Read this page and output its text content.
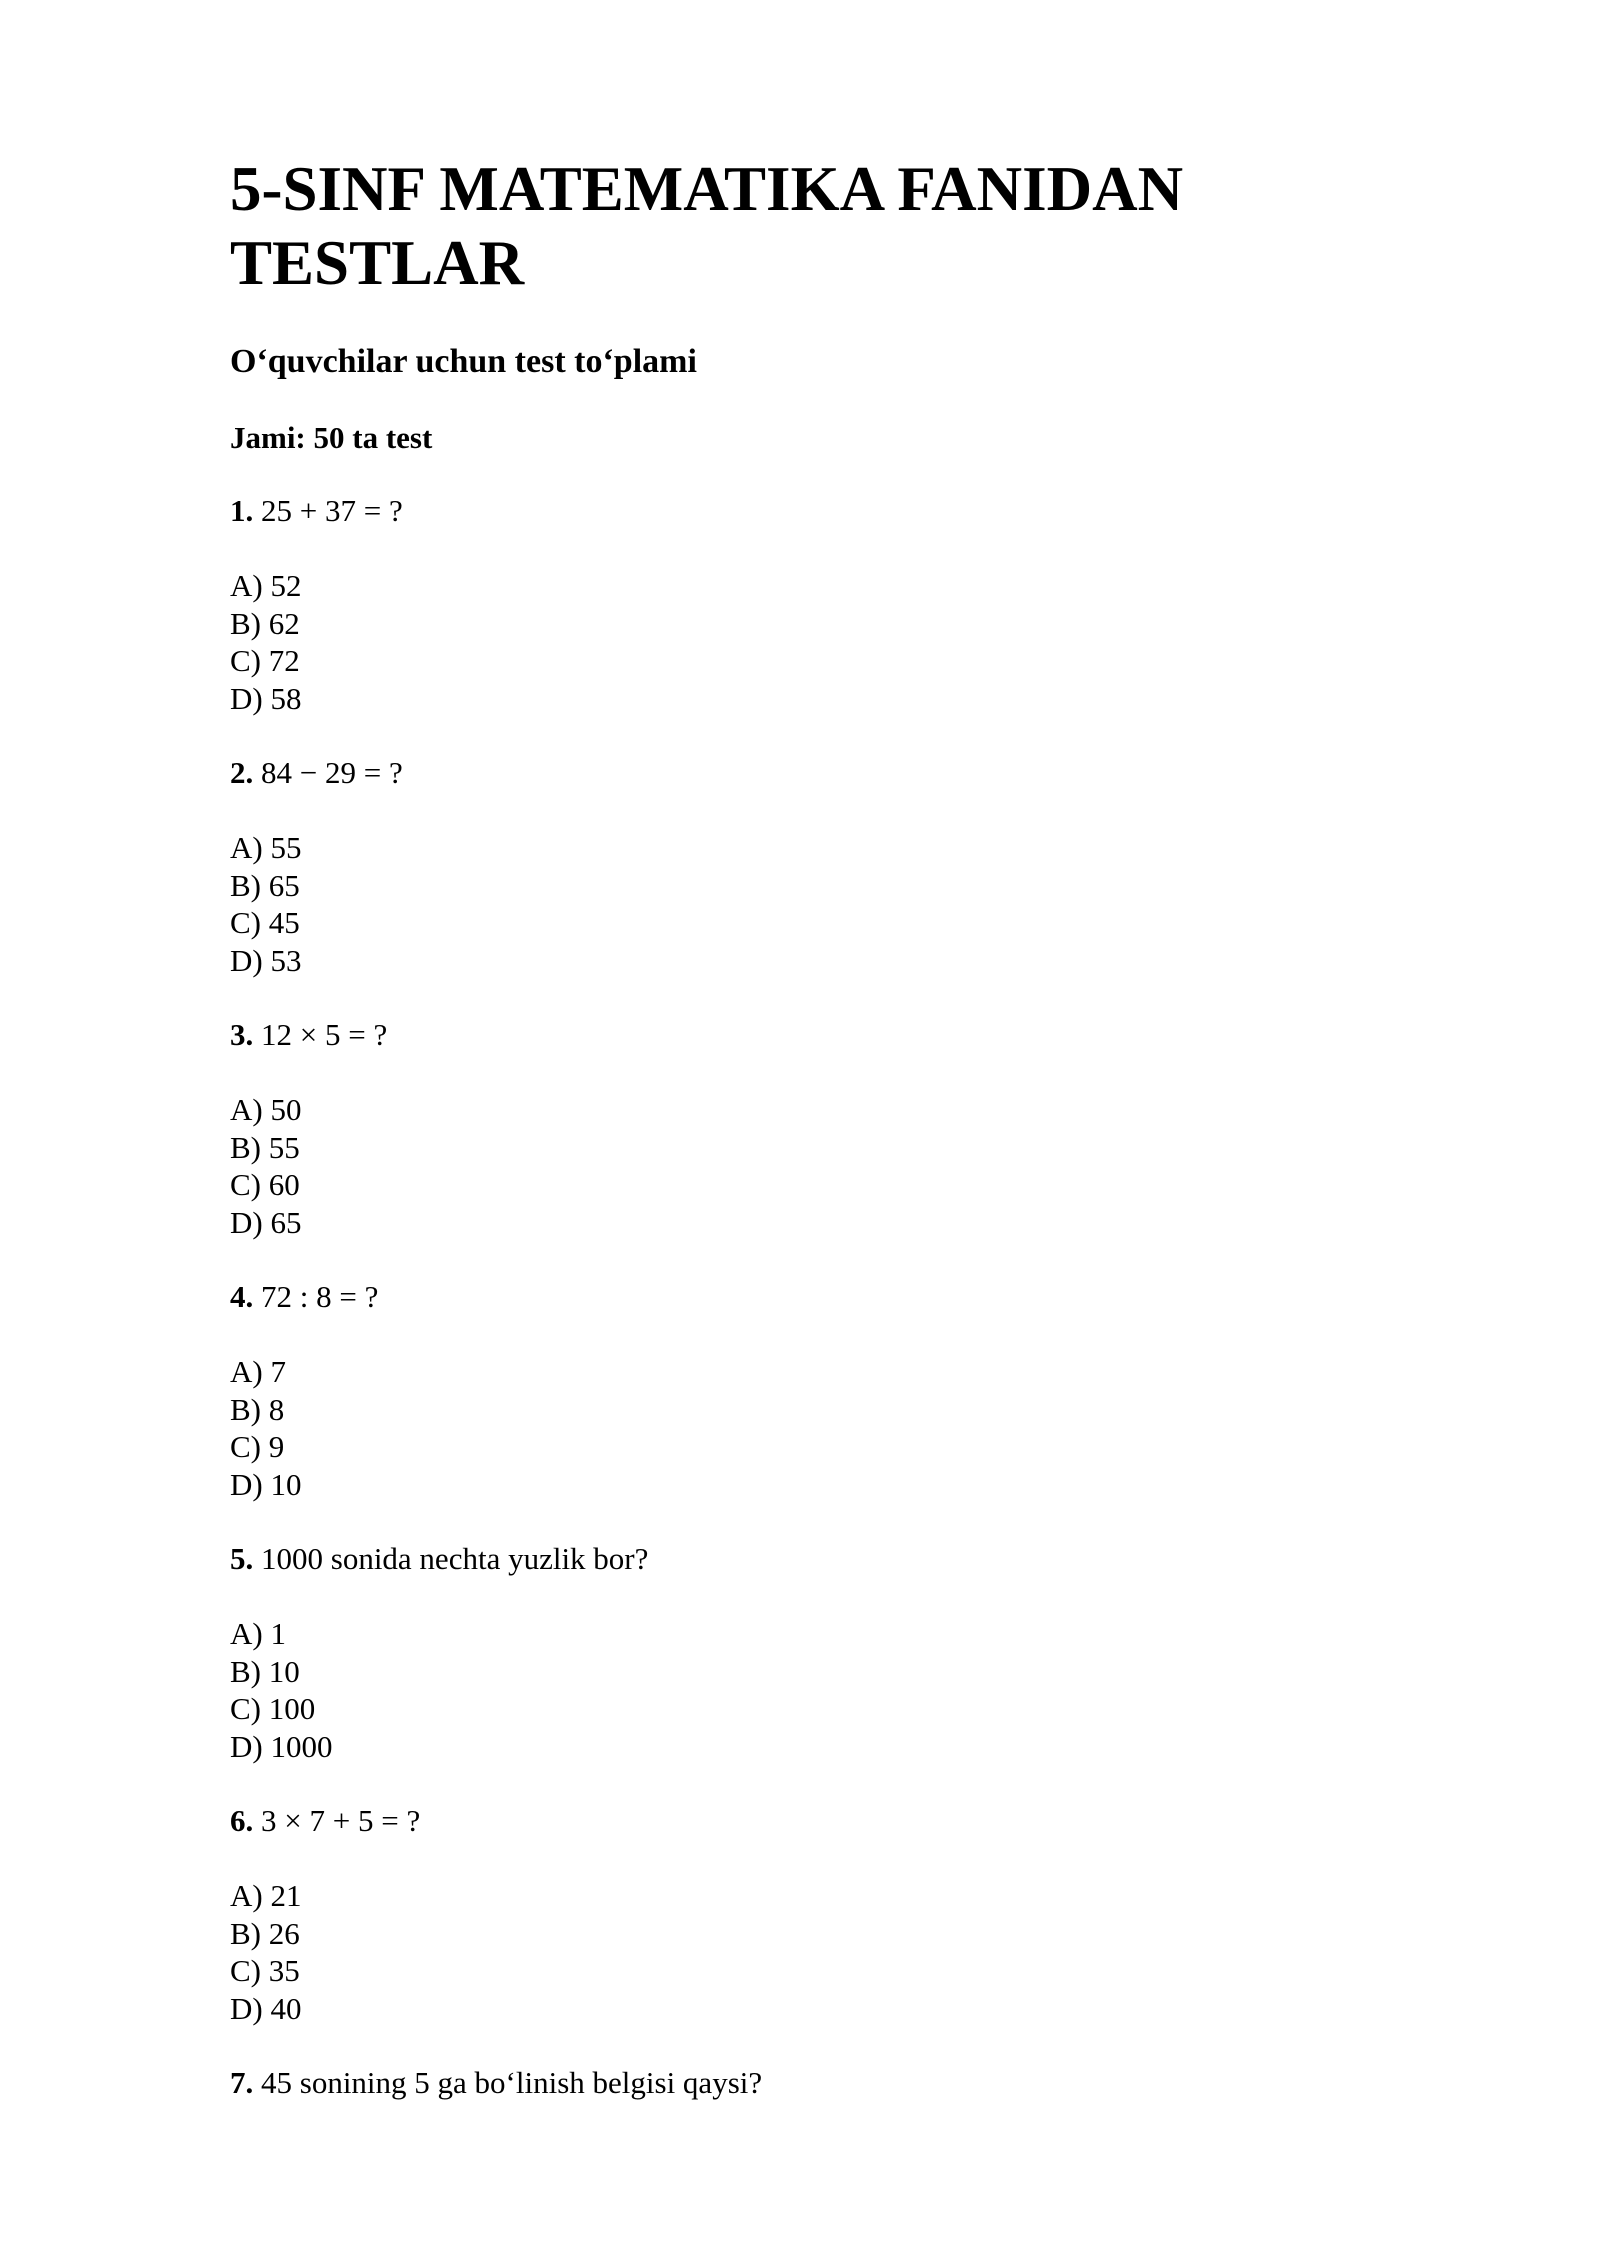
5-SINF MATEMATIKA FANIDAN TESTLAR

O‘quvchilar uchun test to‘plami

Jami: 50 ta test

1. 25 + 37 = ?

A) 52
B) 62
C) 72
D) 58

2. 84 − 29 = ?

A) 55
B) 65
C) 45
D) 53

3. 12 × 5 = ?

A) 50
B) 55
C) 60
D) 65

4. 72 : 8 = ?

A) 7
B) 8
C) 9
D) 10

5. 1000 sonida nechta yuzlik bor?

A) 1
B) 10
C) 100
D) 1000

6. 3 × 7 + 5 = ?

A) 21
B) 26
C) 35
D) 40

7. 45 sonining 5 ga bo‘linish belgisi qaysi?
